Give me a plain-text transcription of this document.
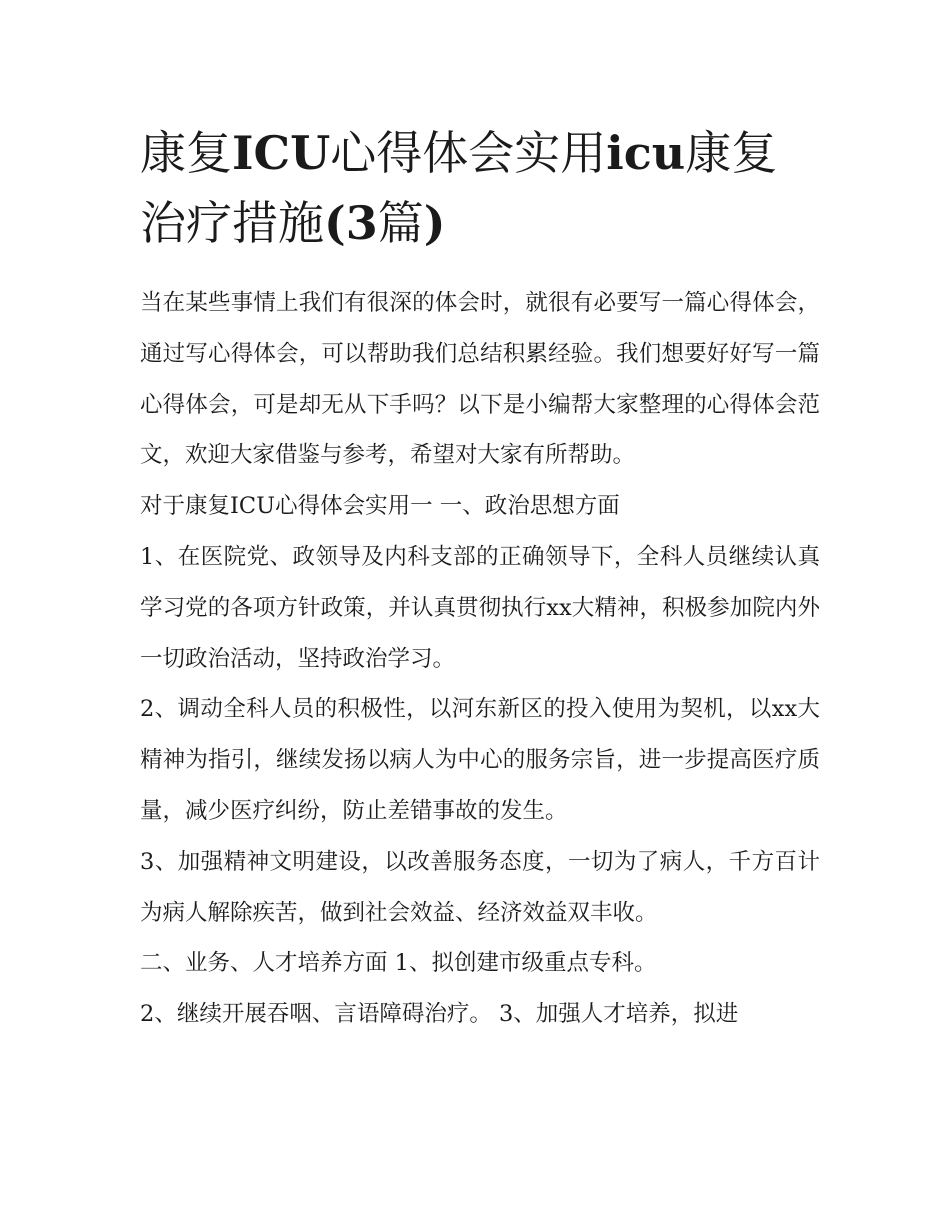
康复ICU心得体会实用icu康复治疗措施(3篇)

当在某些事情上我们有很深的体会时，就很有必要写一篇心得体会，通过写心得体会，可以帮助我们总结积累经验。我们想要好好写一篇心得体会，可是却无从下手吗？以下是小编帮大家整理的心得体会范文，欢迎大家借鉴与参考，希望对大家有所帮助。

对于康复ICU心得体会实用一 一、政治思想方面

1、在医院党、政领导及内科支部的正确领导下，全科人员继续认真学习党的各项方针政策，并认真贯彻执行xx大精神，积极参加院内外一切政治活动，坚持政治学习。

2、调动全科人员的积极性，以河东新区的投入使用为契机，以xx大精神为指引，继续发扬以病人为中心的服务宗旨，进一步提高医疗质量，减少医疗纠纷，防止差错事故的发生。

3、加强精神文明建设，以改善服务态度，一切为了病人，千方百计为病人解除疾苦，做到社会效益、经济效益双丰收。

二、业务、人才培养方面 1、拟创建市级重点专科。

2、继续开展吞咽、言语障碍治疗。 3、加强人才培养，拟进
